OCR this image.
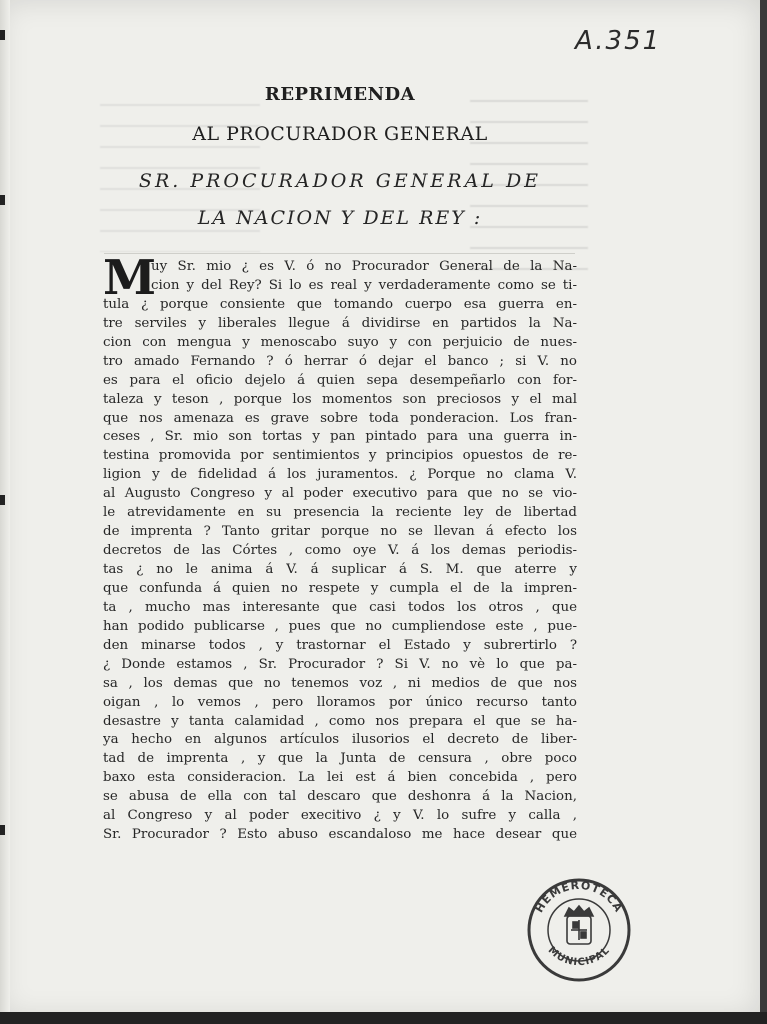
A.351
REPRIMENDA
AL PROCURADOR GENERAL
SR. PROCURADOR GENERAL DE
LA NACION Y DEL REY :
M
uy Sr. mio ¿ es V. ó no Procurador General de la Na-
cion y del Rey? Si lo es real y verdaderamente como se ti-
tula ¿ porque consiente que tomando cuerpo esa guerra en-
tre serviles y liberales llegue á dividirse en partidos la Na-
cion con mengua y menoscabo suyo y con perjuicio de nues-
tro amado Fernando ? ó herrar ó dejar el banco ; si V. no
es para el oficio dejelo á quien sepa desempeñarlo con for-
taleza y teson , porque los momentos son preciosos y el mal
que nos amenaza es grave sobre toda ponderacion. Los fran-
ceses , Sr. mio son tortas y pan pintado para una guerra in-
testina promovida por sentimientos y principios opuestos de re-
ligion y de fidelidad á los juramentos. ¿ Porque no clama V.
al Augusto Congreso y al poder executivo para que no se vio-
le atrevidamente en su presencia la reciente ley de libertad
de imprenta ? Tanto gritar porque no se llevan á efecto los
decretos de las Córtes , como oye V. á los demas periodis-
tas ¿ no le anima á V. á suplicar á S. M. que aterre y
que confunda á quien no respete y cumpla el de la impren-
ta , mucho mas interesante que casi todos los otros , que
han podido publicarse , pues que no cumpliendose este , pue-
den minarse todos , y trastornar el Estado y subrertirlo ?
¿ Donde estamos , Sr. Procurador ? Si V. no vè lo que pa-
sa , los demas que no tenemos voz , ni medios de que nos
oigan , lo vemos , pero lloramos por único recurso tanto
desastre y tanta calamidad , como nos prepara el que se ha-
ya hecho en algunos artículos ilusorios el decreto de liber-
tad de imprenta , y que la Junta de censura , obre poco
baxo esta consideracion. La lei est á bien concebida , pero
se abusa de ella con tal descaro que deshonra á la Nacion,
al Congreso y al poder execitivo ¿ y V. lo sufre y calla ,
Sr. Procurador ? Esto abuso escandaloso me hace desear que
HEMEROTECA
MUNICIPAL
